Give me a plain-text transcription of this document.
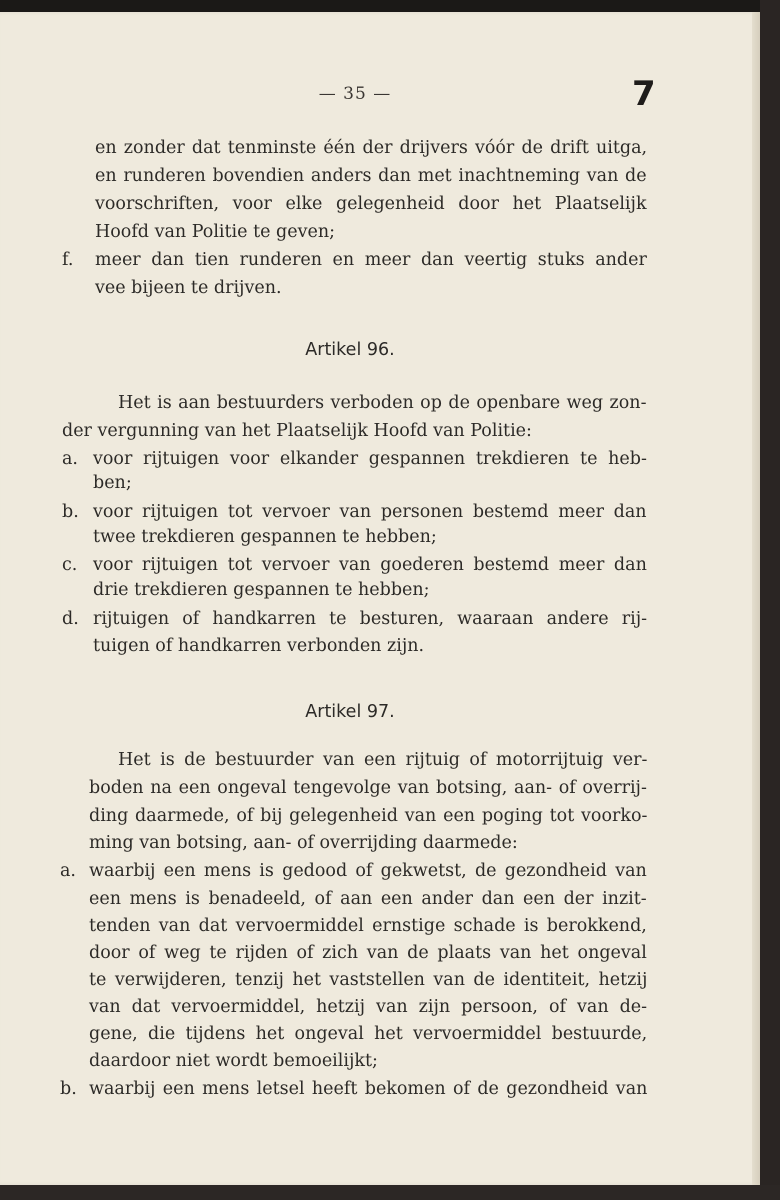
— 35 —	7
en zonder dat tenminste één der drijvers vóór de drift uitga,
en runderen bovendien anders dan met inachtneming van de
voorschriften, voor elke gelegenheid door het Plaatselijk
Hoofd van Politie te geven;
f. meer dan tien runderen en meer dan veertig stuks ander
vee bijeen te drijven.
Artikel 96.
Het is aan bestuurders verboden op de openbare weg zon-
der vergunning van het Plaatselijk Hoofd van Politie:
a. voor rijtuigen voor elkander gespannen trekdieren te heb-
ben;
b. voor rijtuigen tot vervoer van personen bestemd meer dan
twee trekdieren gespannen te hebben;
c. voor rijtuigen tot vervoer van goederen bestemd meer dan
drie trekdieren gespannen te hebben;
d. rijtuigen of handkarren te besturen, waaraan andere rij-
tuigen of handkarren verbonden zijn.
Artikel 97.
Het is de bestuurder van een rijtuig of motorrijtuig ver-
boden na een ongeval tengevolge van botsing, aan- of overrij-
ding daarmede, of bij gelegenheid van een poging tot voorko-
ming van botsing, aan- of overrijding daarmede:
a. waarbij een mens is gedood of gekwetst, de gezondheid van
een mens is benadeeld, of aan een ander dan een der inzit-
tenden van dat vervoermiddel ernstige schade is berokkend,
door of weg te rijden of zich van de plaats van het ongeval
te verwijderen, tenzij het vaststellen van de identiteit, hetzij
van dat vervoermiddel, hetzij van zijn persoon, of van de-
gene, die tijdens het ongeval het vervoermiddel bestuurde,
daardoor niet wordt bemoeilijkt;
b. waarbij een mens letsel heeft bekomen of de gezondheid van
